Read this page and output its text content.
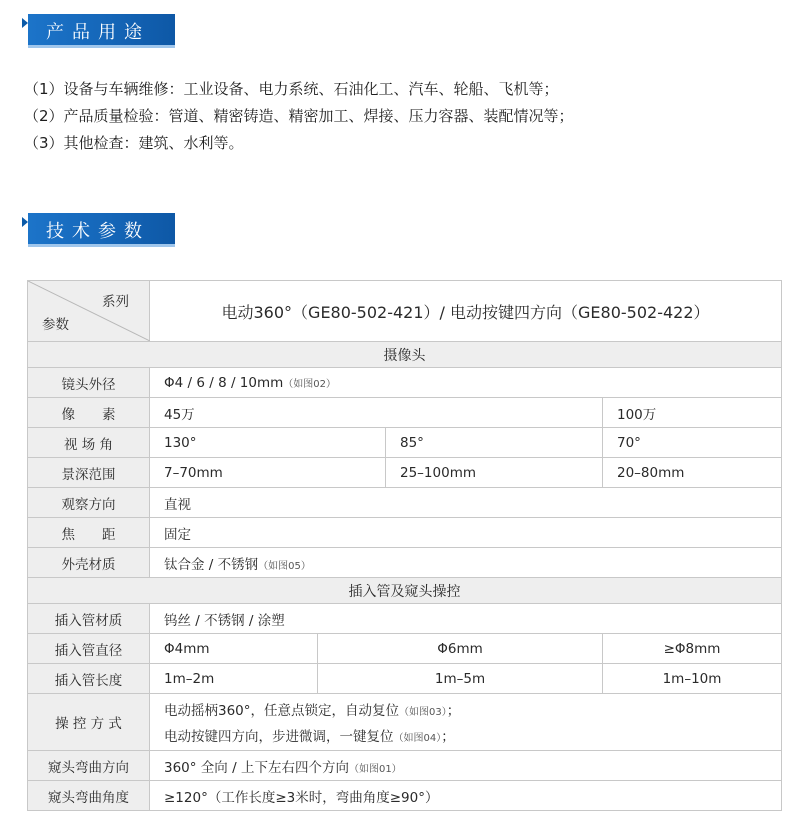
产品用途
（1）设备与车辆维修：工业设备、电力系统、石油化工、汽车、轮船、飞机等；
（2）产品质量检验：管道、精密铸造、精密加工、焊接、压力容器、装配情况等；
（3）其他检查：建筑、水利等。
技术参数
系列
参数	电动360°（GE80-502-421）/ 电动按键四方向（GE80-502-422）			
摄像头				
镜头外径	Φ4 / 6 / 8 / 10mm（如图02）			
像　　素	45万			100万
视 场 角	130°		85°	70°
景深范围	7–70mm		25–100mm	20–80mm
观察方向	直视			
焦　　距	固定			
外壳材质	钛合金 / 不锈钢（如图05）			
插入管及窥头操控				
插入管材质	钨丝 / 不锈钢 / 涂塑			
插入管直径	Φ4mm	Φ6mm		≥Φ8mm
插入管长度	1m–2m	1m–5m		1m–10m
操 控 方 式	电动摇柄360°，任意点锁定，自动复位（如图03）；
电动按键四方向，步进微调，一键复位（如图04）；			

窥头弯曲方向	360° 全向 / 上下左右四个方向（如图01）			
窥头弯曲角度	≥120°（工作长度≥3米时，弯曲角度≥90°）			
